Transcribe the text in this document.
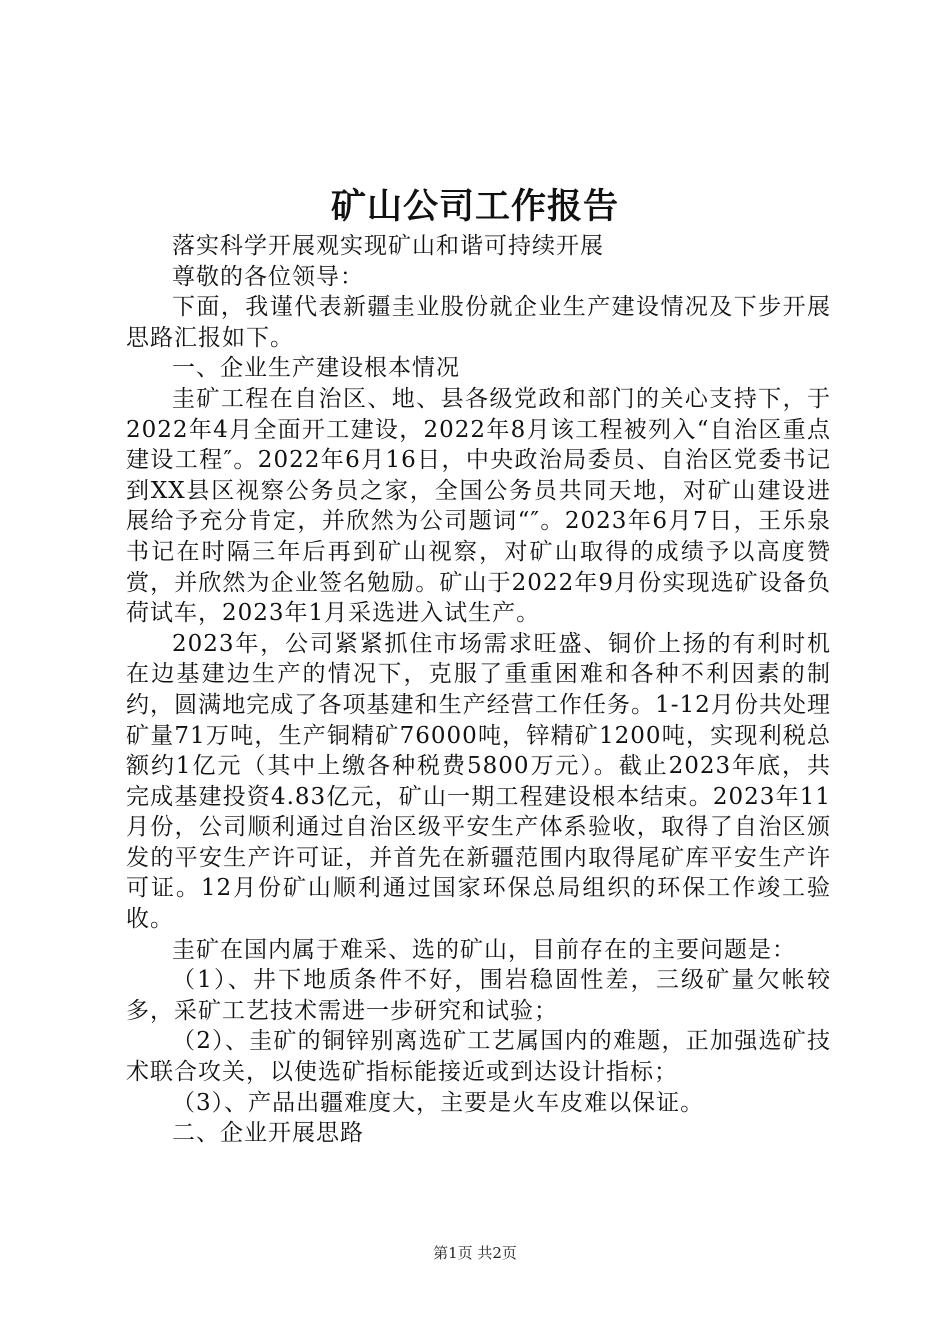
矿山公司工作报告

落实科学开展观实现矿山和谐可持续开展

尊敬的各位领导：

下面，我谨代表新疆圭业股份就企业生产建设情况及下步开展思路汇报如下。

一、企业生产建设根本情况

圭矿工程在自治区、地、县各级党政和部门的关心支持下，于2022年4月全面开工建设，2022年8月该工程被列入“自治区重点建设工程″。2022年6月16日，中央政治局委员、自治区党委书记到XX县区视察公务员之家，全国公务员共同天地，对矿山建设进展给予充分肯定，并欣然为公司题词“″。2023年6月7日，王乐泉书记在时隔三年后再到矿山视察，对矿山取得的成绩予以高度赞赏，并欣然为企业签名勉励。矿山于2022年9月份实现选矿设备负荷试车，2023年1月采选进入试生产。

2023年，公司紧紧抓住市场需求旺盛、铜价上扬的有利时机在边基建边生产的情况下，克服了重重困难和各种不利因素的制约，圆满地完成了各项基建和生产经营工作任务。1-12月份共处理矿量71万吨，生产铜精矿76000吨，锌精矿1200吨，实现利税总额约1亿元（其中上缴各种税费5800万元）。截止2023年底，共完成基建投资4.83亿元，矿山一期工程建设根本结束。2023年11月份，公司顺利通过自治区级平安生产体系验收，取得了自治区颁发的平安生产许可证，并首先在新疆范围内取得尾矿库平安生产许可证。12月份矿山顺利通过国家环保总局组织的环保工作竣工验收。

圭矿在国内属于难采、选的矿山，目前存在的主要问题是：

（1）、井下地质条件不好，围岩稳固性差，三级矿量欠帐较多，采矿工艺技术需进一步研究和试验；

（2）、圭矿的铜锌别离选矿工艺属国内的难题，正加强选矿技术联合攻关，以使选矿指标能接近或到达设计指标；

（3）、产品出疆难度大，主要是火车皮难以保证。

二、企业开展思路

第1页 共2页
